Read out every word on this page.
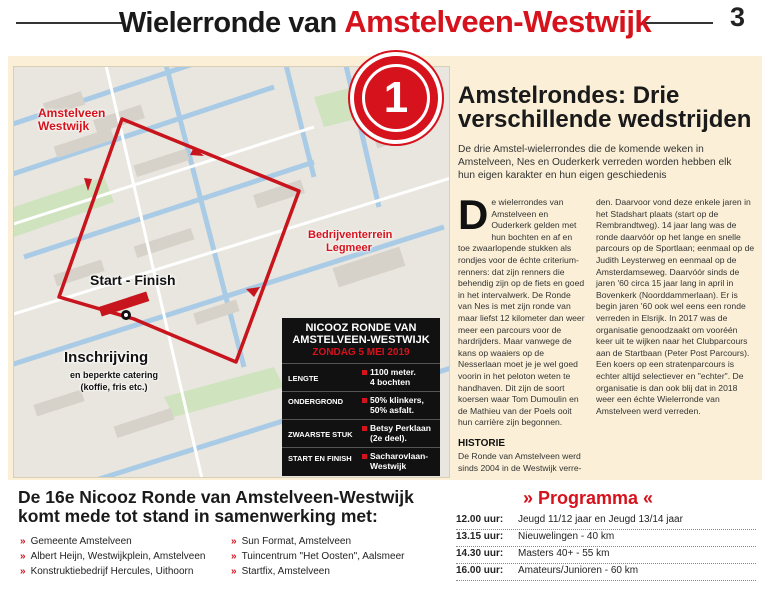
Wielerronde van Amstelveen-Westwijk	3
Amstelveen
Westwijk
Bedrijventerrein
Legmeer
Start - Finish
Inschrijving
en beperkte catering
(koffie, fris etc.)
1
NICOOZ RONDE VAN
AMSTELVEEN-WESTWIJK
ZONDAG 5 MEI 2019
LENGTE
1100 meter.
4 bochten
ONDERGROND	50% klinkers,
50% asfalt.
ZWAARSTE STUK
Betsy Perklaan
(2e deel).
START EN FINISH Sacharovlaan-
Westwijk
Amstelrondes: Drie verschillende wedstrijden
De drie Amstel-wielerrondes die de komende weken in Amstelveen, Nes en Ouderkerk verreden worden hebben elk hun eigen karakter en hun eigen geschiedenis
De wielerrondes van Amstelveen en Ouderkerk gelden met hun bochten en af en toe zwaarlopende stukken als rondjes voor de échte criterium-renners: dat zijn renners die behendig zijn op de fiets en goed in het intervalwerk. De Ronde van Nes is met zijn ronde van maar liefst 12 kilometer dan weer meer een parcours voor de hardrijders. Maar vanwege de kans op waaiers op de Nesserlaan moet je je wel goed voorin in het peloton weten te handhaven. Dit zijn de soort koersen waar Tom Dumoulin en de Mathieu van der Poels ooit hun carrière zijn begonnen.
HISTORIE
De Ronde van Amstelveen werd sinds 2004 in de Westwijk verre-
den. Daarvoor vond deze enkele jaren in het Stadshart plaats (start op de Rembrandtweg). 14 jaar lang was de ronde daarvóór op het lange en snelle parcours op de Sportlaan; eenmaal op de Judith Leysterweg en eenmaal op de Amsterdamseweg. Daarvóór sinds de jaren '60 circa 15 jaar lang in april in Bovenkerk (Noorddammerlaan). Er is begin jaren '60 ook wel eens een ronde verreden in Elsrijk. In 2017 was de organisatie genoodzaakt om vooréén keer uit te wijken naar het Clubparcours aan de Startbaan (Peter Post Parcours). Een koers op een stratenparcours is echter altijd selectiever en "echter". De organisatie is dan ook blij dat in 2018 weer een échte Wielerronde van Amstelveen werd verreden.
De 16e Nicooz Ronde van Amstelveen-Westwijk komt mede tot stand in samenwerking met:
» Gemeente Amstelveen
» Albert Heijn, Westwijkplein, Amstelveen
» Konstruktiebedrijf Hercules, Uithoorn
» Sun Format, Amstelveen
» Tuincentrum "Het Oosten", Aalsmeer
» Startfix, Amstelveen
» Programma «
12.00 uur: Jeugd 11/12 jaar en Jeugd 13/14 jaar
13.15 uur: Nieuwelingen - 40 km
14.30 uur: Masters 40+ - 55 km
16.00 uur: Amateurs/Junioren - 60 km
